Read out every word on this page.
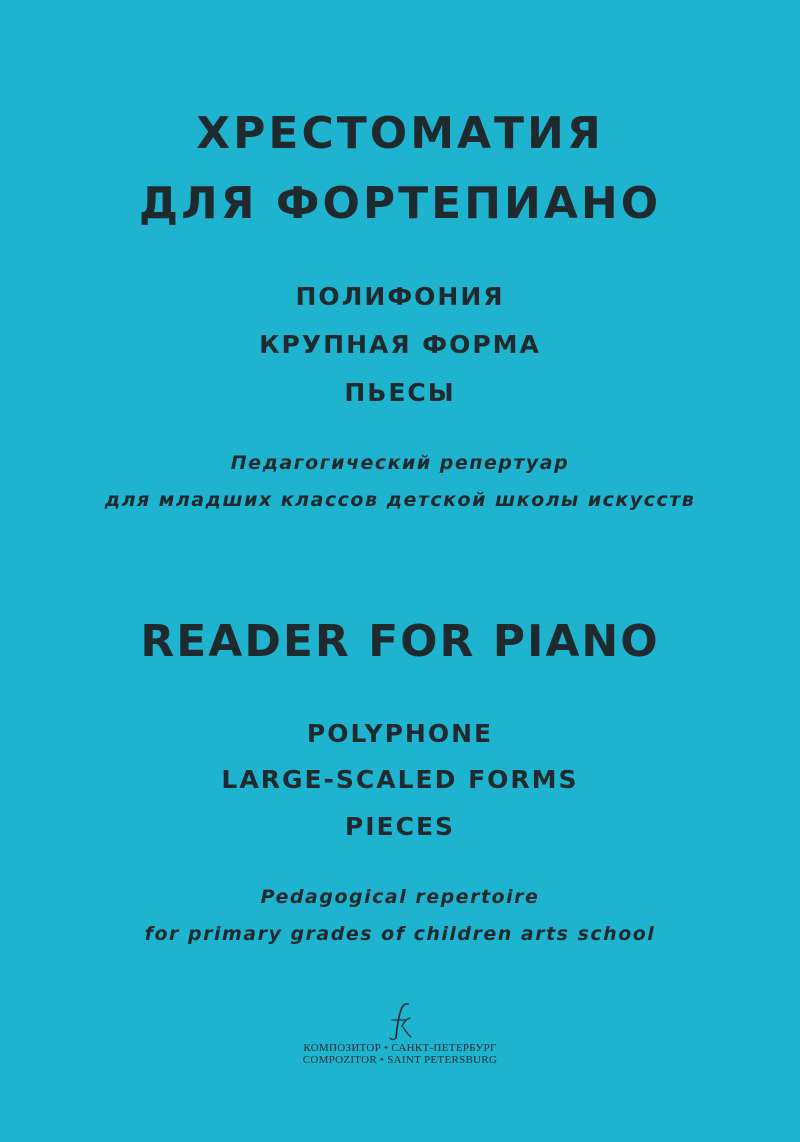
ХРЕСТОМАТИЯ
ДЛЯ ФОРТЕПИАНО
ПОЛИФОНИЯ
КРУПНАЯ ФОРМА
ПЬЕСЫ
Педагогический репертуар
для младших классов детской школы искусств
READER FOR PIANO
POLYPHONE
LARGE-SCALED FORMS
PIECES
Pedagogical repertoire
for primary grades of children arts school
КОМПОЗИТОР • САНКТ-ПЕТЕРБУРГ
COMPOZITOR • SAINT PETERSBURG
